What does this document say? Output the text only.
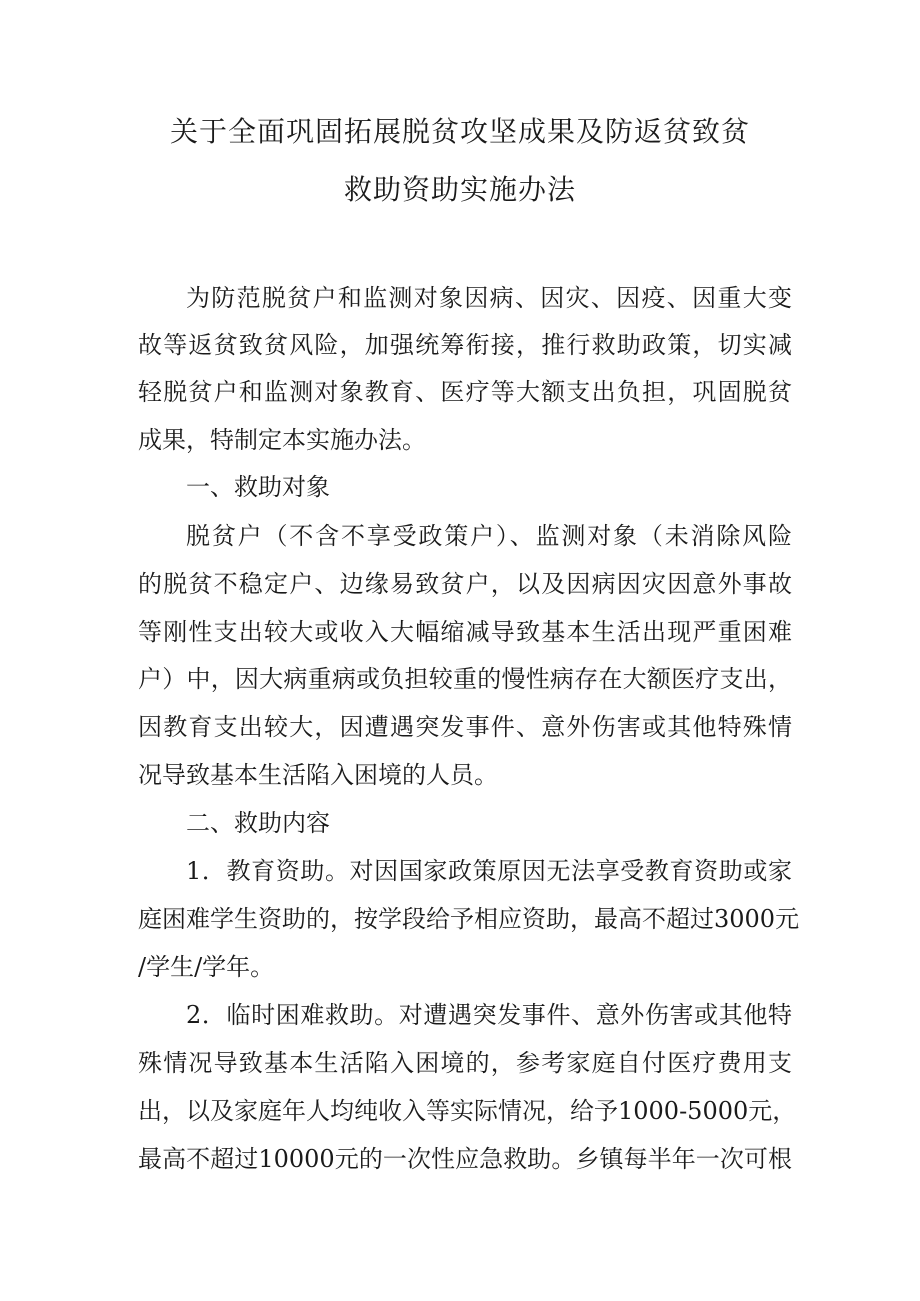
关于全面巩固拓展脱贫攻坚成果及防返贫致贫
救助资助实施办法
为防范脱贫户和监测对象因病、因灾、因疫、因重大变
故等返贫致贫风险，加强统筹衔接，推行救助政策，切实减
轻脱贫户和监测对象教育、医疗等大额支出负担，巩固脱贫
成果，特制定本实施办法。
一、救助对象
脱贫户（不含不享受政策户）、监测对象（未消除风险
的脱贫不稳定户、边缘易致贫户，以及因病因灾因意外事故
等刚性支出较大或收入大幅缩减导致基本生活出现严重困难
户）中，因大病重病或负担较重的慢性病存在大额医疗支出，
因教育支出较大，因遭遇突发事件、意外伤害或其他特殊情
况导致基本生活陷入困境的人员。
二、救助内容
1．教育资助。对因国家政策原因无法享受教育资助或家
庭困难学生资助的，按学段给予相应资助，最高不超过3000元
/学生/学年。
2．临时困难救助。对遭遇突发事件、意外伤害或其他特
殊情况导致基本生活陷入困境的，参考家庭自付医疗费用支
出，以及家庭年人均纯收入等实际情况，给予1000-5000元，
最高不超过10000元的一次性应急救助。乡镇每半年一次可根
